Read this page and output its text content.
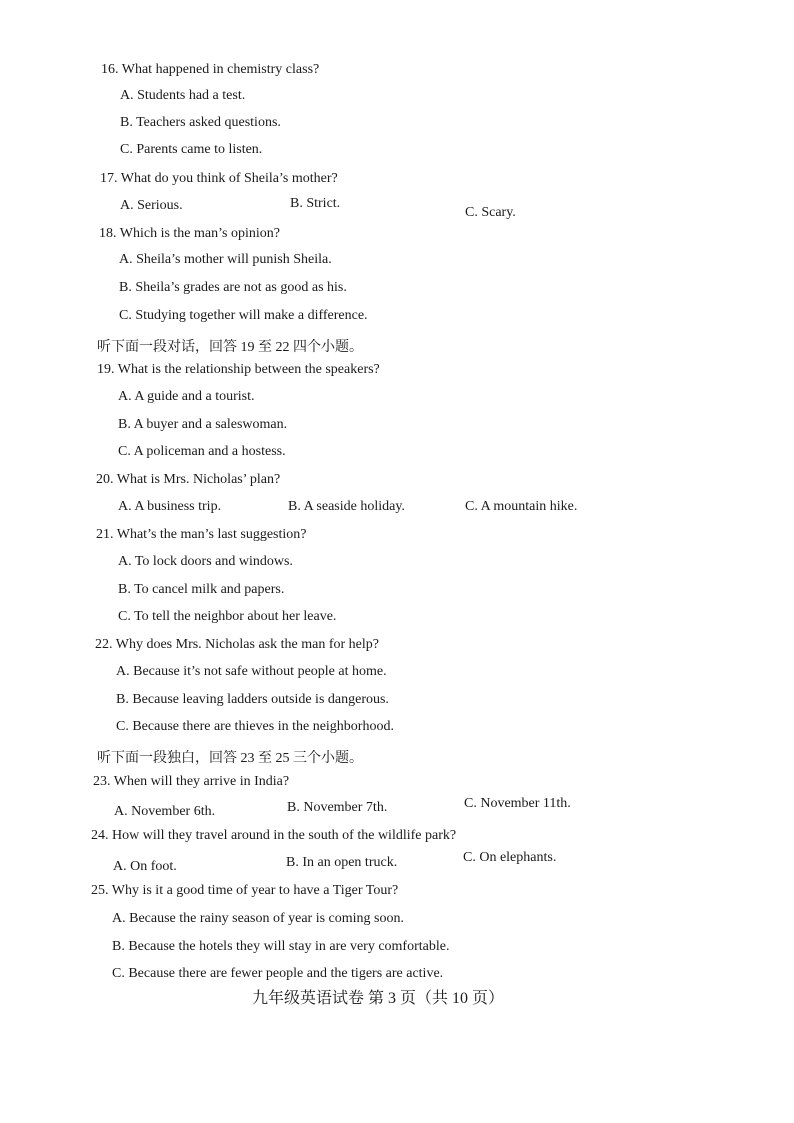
16. What happened in chemistry class?
A. Students had a test.
B. Teachers asked questions.
C. Parents came to listen.
17. What do you think of Sheila’s mother?
A. Serious.	B. Strict.
C. Scary.
18. Which is the man’s opinion?
A. Sheila’s mother will punish Sheila.
B. Sheila’s grades are not as good as his.
C. Studying together will make a difference.
听下面一段对话，回答 19 至 22 四个小题。
19. What is the relationship between the speakers?
A. A guide and a tourist.
B. A buyer and a saleswoman.
C. A policeman and a hostess.
20. What is Mrs. Nicholas’ plan?
A. A business trip.	B. A seaside holiday.	C. A mountain hike.
21. What’s the man’s last suggestion?
A. To lock doors and windows.
B. To cancel milk and papers.
C. To tell the neighbor about her leave.
22. Why does Mrs. Nicholas ask the man for help?
A. Because it’s not safe without people at home.
B. Because leaving ladders outside is dangerous.
C. Because there are thieves in the neighborhood.
听下面一段独白，回答 23 至 25 三个小题。
23. When will they arrive in India?
A. November 6th.	B. November 7th.	C. November 11th.
24. How will they travel around in the south of the wildlife park?
A. On foot.	B. In an open truck.	C. On elephants.
25. Why is it a good time of year to have a Tiger Tour?
A. Because the rainy season of year is coming soon.
B. Because the hotels they will stay in are very comfortable.
C. Because there are fewer people and the tigers are active.
九年级英语试卷 第 3 页（共 10 页）
